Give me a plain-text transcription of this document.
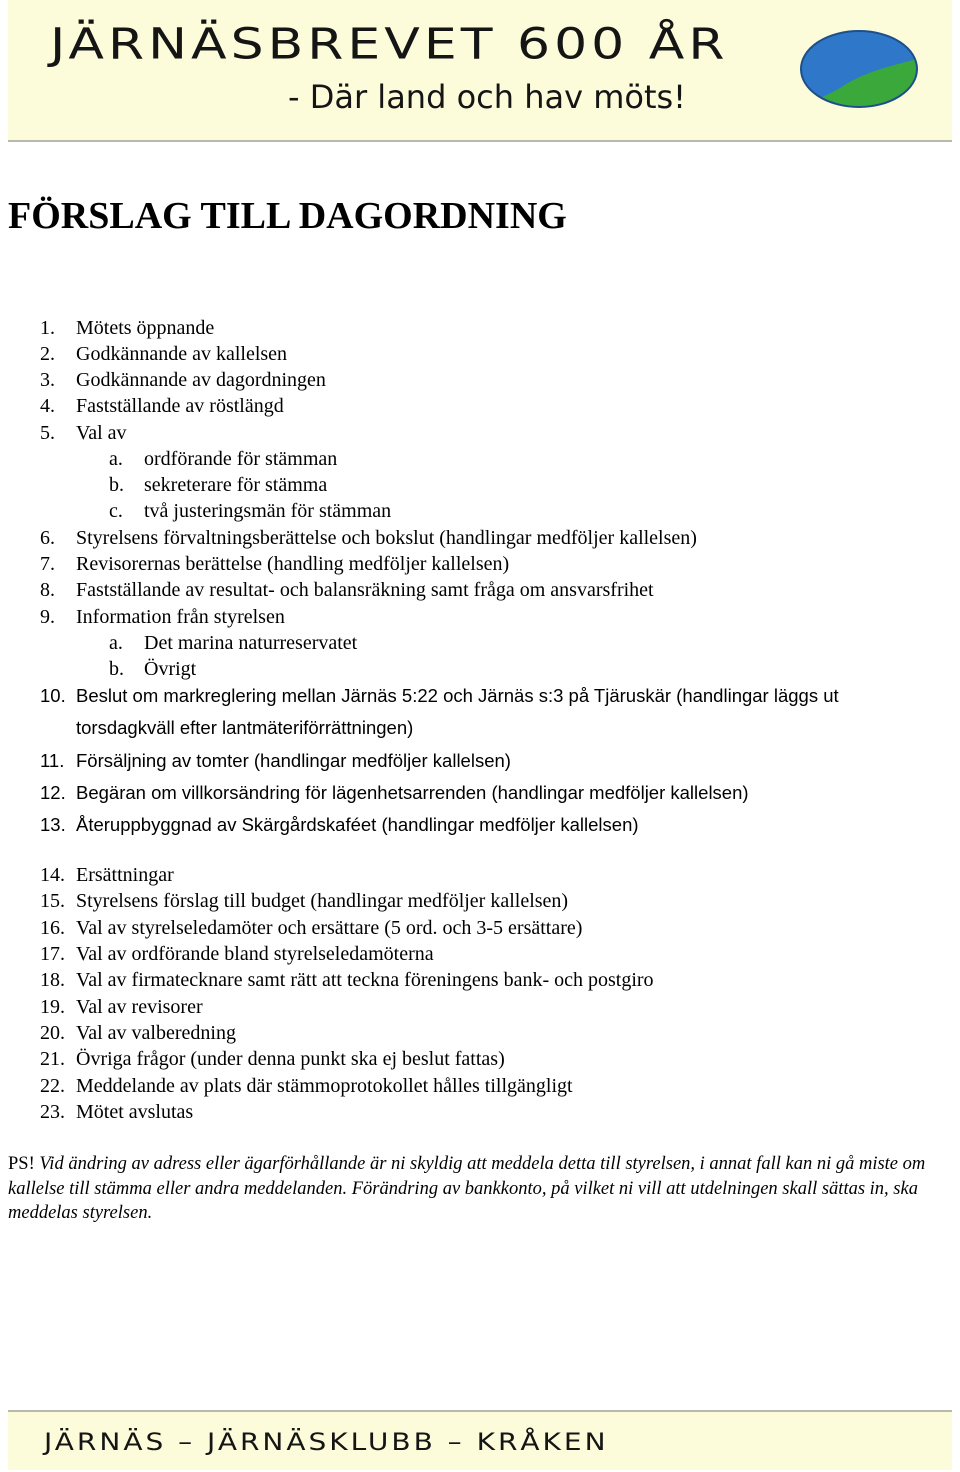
JÄRNÄSBREVET 600 ÅR
- Där land och hav möts!
FÖRSLAG TILL DAGORDNING
1. Mötets öppnande
2. Godkännande av kallelsen
3. Godkännande av dagordningen
4. Fastställande av röstlängd
5. Val av
a. ordförande för stämman
b. sekreterare för stämma
c. två justeringsmän för stämman
6. Styrelsens förvaltningsberättelse och bokslut (handlingar medföljer kallelsen)
7. Revisorernas berättelse (handling medföljer kallelsen)
8. Fastställande av resultat- och balansräkning samt fråga om ansvarsfrihet
9. Information från styrelsen
a. Det marina naturreservatet
b. Övrigt
10. Beslut om markreglering mellan Järnäs 5:22 och Järnäs s:3 på Tjäruskär (handlingar läggs ut
torsdagkväll efter lantmäteriförrättningen)
11. Försäljning av tomter (handlingar medföljer kallelsen)
12. Begäran om villkorsändring för lägenhetsarrenden (handlingar medföljer kallelsen)
13. Återuppbyggnad av Skärgårdskaféet (handlingar medföljer kallelsen)
14. Ersättningar
15. Styrelsens förslag till budget (handlingar medföljer kallelsen)
16. Val av styrelseledamöter och ersättare (5 ord. och 3-5 ersättare)
17. Val av ordförande bland styrelseledamöterna
18. Val av firmatecknare samt rätt att teckna föreningens bank- och postgiro
19. Val av revisorer
20. Val av valberedning
21. Övriga frågor (under denna punkt ska ej beslut fattas)
22. Meddelande av plats där stämmoprotokollet hålles tillgängligt
23. Mötet avslutas
PS! Vid ändring av adress eller ägarförhållande är ni skyldig att meddela detta till styrelsen, i annat fall kan ni gå miste om kallelse till stämma eller andra meddelanden. Förändring av bankkonto, på vilket ni vill att utdelningen skall sättas in, ska meddelas styrelsen.
JÄRNÄS – JÄRNÄSKLUBB – KRÅKEN
